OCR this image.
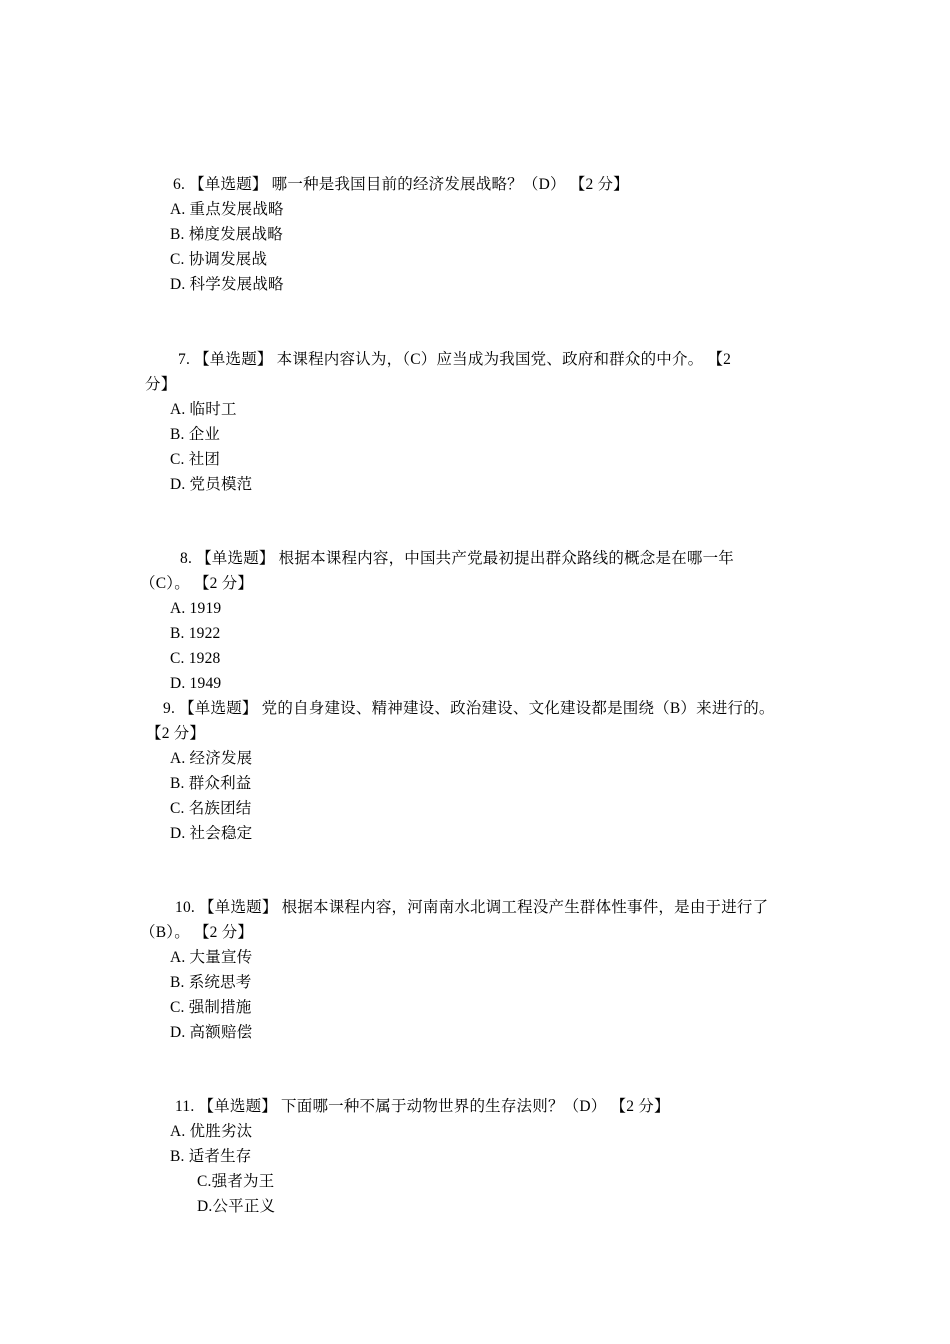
6. 【单选题】 哪一种是我国目前的经济发展战略？（D） 【2 分】
A. 重点发展战略
B. 梯度发展战略
C. 协调发展战
D. 科学发展战略
7. 【单选题】 本课程内容认为，（C）应当成为我国党、政府和群众的中介。 【2
分】
A. 临时工
B. 企业
C. 社团
D. 党员模范
8. 【单选题】 根据本课程内容，中国共产党最初提出群众路线的概念是在哪一年
（C）。 【2 分】
A. 1919
B. 1922
C. 1928
D. 1949
9. 【单选题】 党的自身建设、精神建设、政治建设、文化建设都是围绕（B）来进行的。
【2 分】
A. 经济发展
B. 群众利益
C. 名族团结
D. 社会稳定
10. 【单选题】 根据本课程内容，河南南水北调工程没产生群体性事件，是由于进行了
（B）。 【2 分】
A. 大量宣传
B. 系统思考
C. 强制措施
D. 高额赔偿
11. 【单选题】 下面哪一种不属于动物世界的生存法则？（D） 【2 分】
A. 优胜劣汰
B. 适者生存
C.强者为王
D.公平正义
